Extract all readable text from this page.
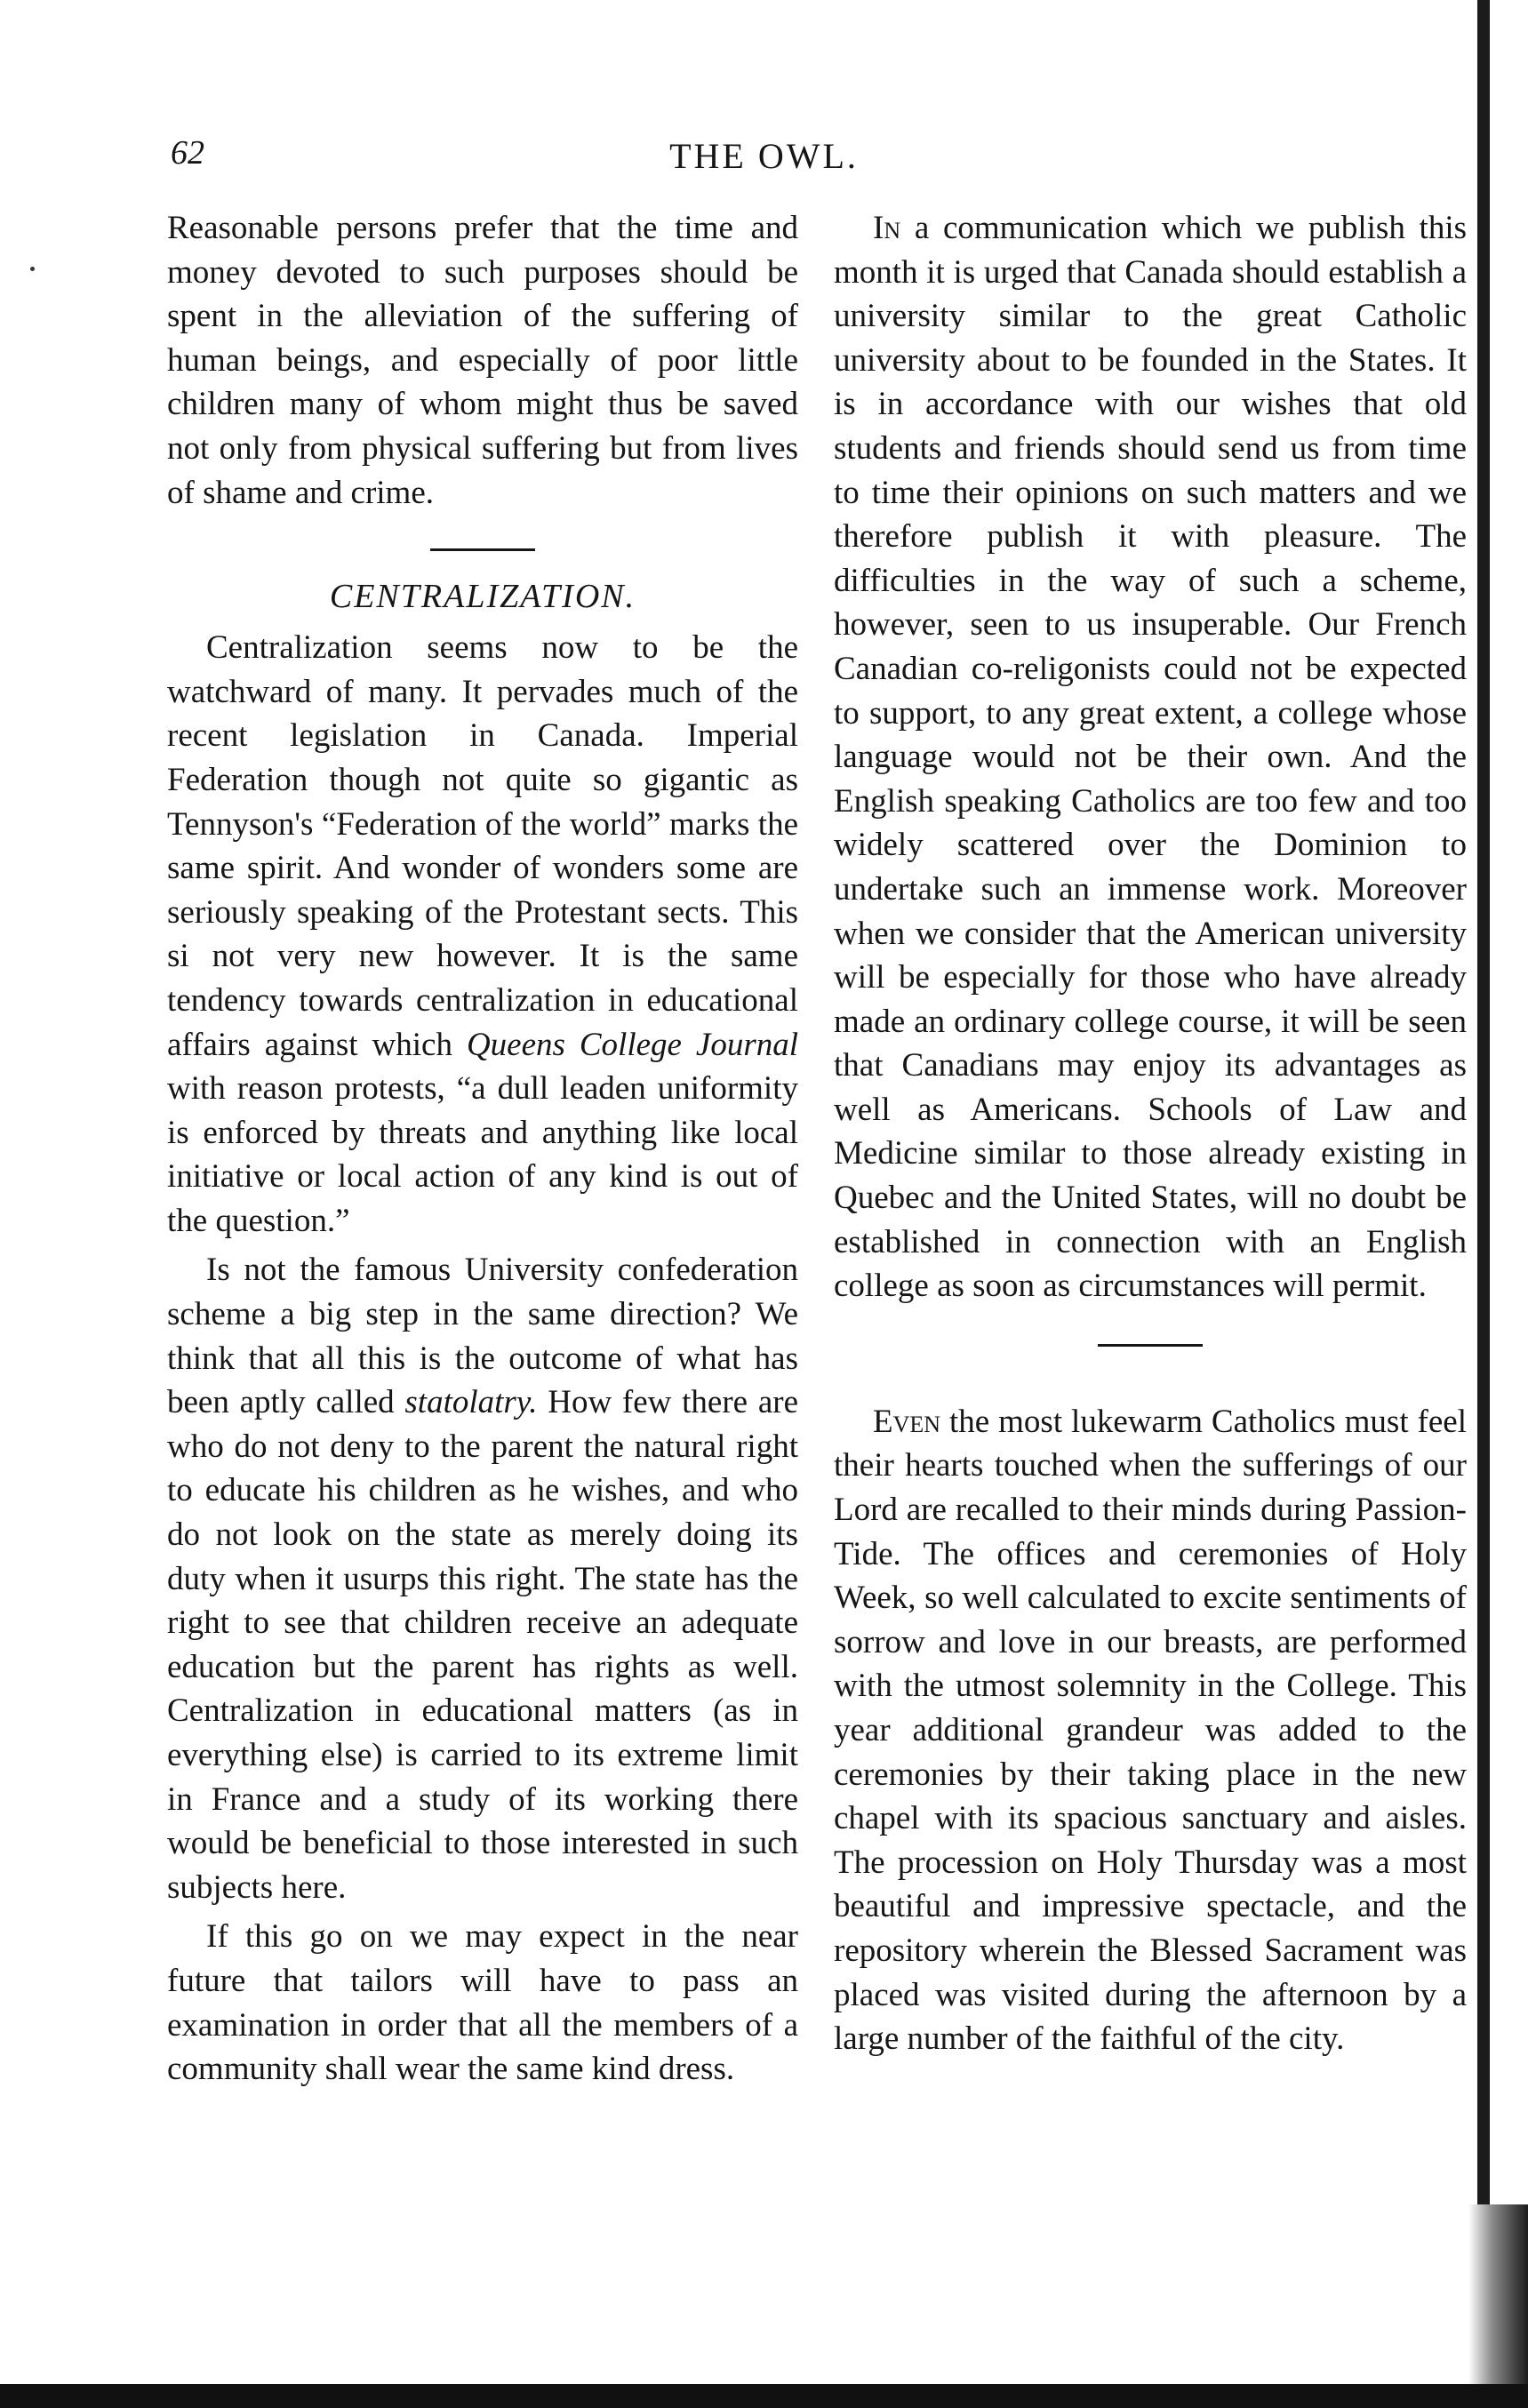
62	THE OWL.

Reasonable persons prefer that the time and money devoted to such purposes should be spent in the alleviation of the suffering of human beings, and especially of poor little children many of whom might thus be saved not only from physical suffering but from lives of shame and crime.

CENTRALIZATION.

Centralization seems now to be the watchward of many. It pervades much of the recent legislation in Canada. Imperial Federation though not quite so gigantic as Tennyson's “Federation of the world” marks the same spirit. And wonder of wonders some are seriously speaking of the Protestant sects. This si not very new however. It is the same tendency towards centralization in educational affairs against which Queens College Journal with reason protests, “a dull leaden uniformity is enforced by threats and anything like local initiative or local action of any kind is out of the question.”

Is not the famous University confederation scheme a big step in the same direction? We think that all this is the outcome of what has been aptly called statolatry. How few there are who do not deny to the parent the natural right to educate his children as he wishes, and who do not look on the state as merely doing its duty when it usurps this right. The state has the right to see that children receive an adequate education but the parent has rights as well. Centralization in educational matters (as in everything else) is carried to its extreme limit in France and a study of its working there would be beneficial to those interested in such subjects here.

If this go on we may expect in the near future that tailors will have to pass an examination in order that all the members of a community shall wear the same kind dress.

In a communication which we publish this month it is urged that Canada should establish a university similar to the great Catholic university about to be founded in the States. It is in accordance with our wishes that old students and friends should send us from time to time their opinions on such matters and we therefore publish it with pleasure. The difficulties in the way of such a scheme, however, seen to us insuperable. Our French Canadian co-religonists could not be expected to support, to any great extent, a college whose language would not be their own. And the English speaking Catholics are too few and too widely scattered over the Dominion to undertake such an immense work. Moreover when we consider that the American university will be especially for those who have already made an ordinary college course, it will be seen that Canadians may enjoy its advantages as well as Americans. Schools of Law and Medicine similar to those already existing in Quebec and the United States, will no doubt be established in connection with an English college as soon as circumstances will permit.

Even the most lukewarm Catholics must feel their hearts touched when the sufferings of our Lord are recalled to their minds during Passion-Tide. The offices and ceremonies of Holy Week, so well calculated to excite sentiments of sorrow and love in our breasts, are performed with the utmost solemnity in the College. This year additional grandeur was added to the ceremonies by their taking place in the new chapel with its spacious sanctuary and aisles. The procession on Holy Thursday was a most beautiful and impressive spectacle, and the repository wherein the Blessed Sacrament was placed was visited during the afternoon by a large number of the faithful of the city.
